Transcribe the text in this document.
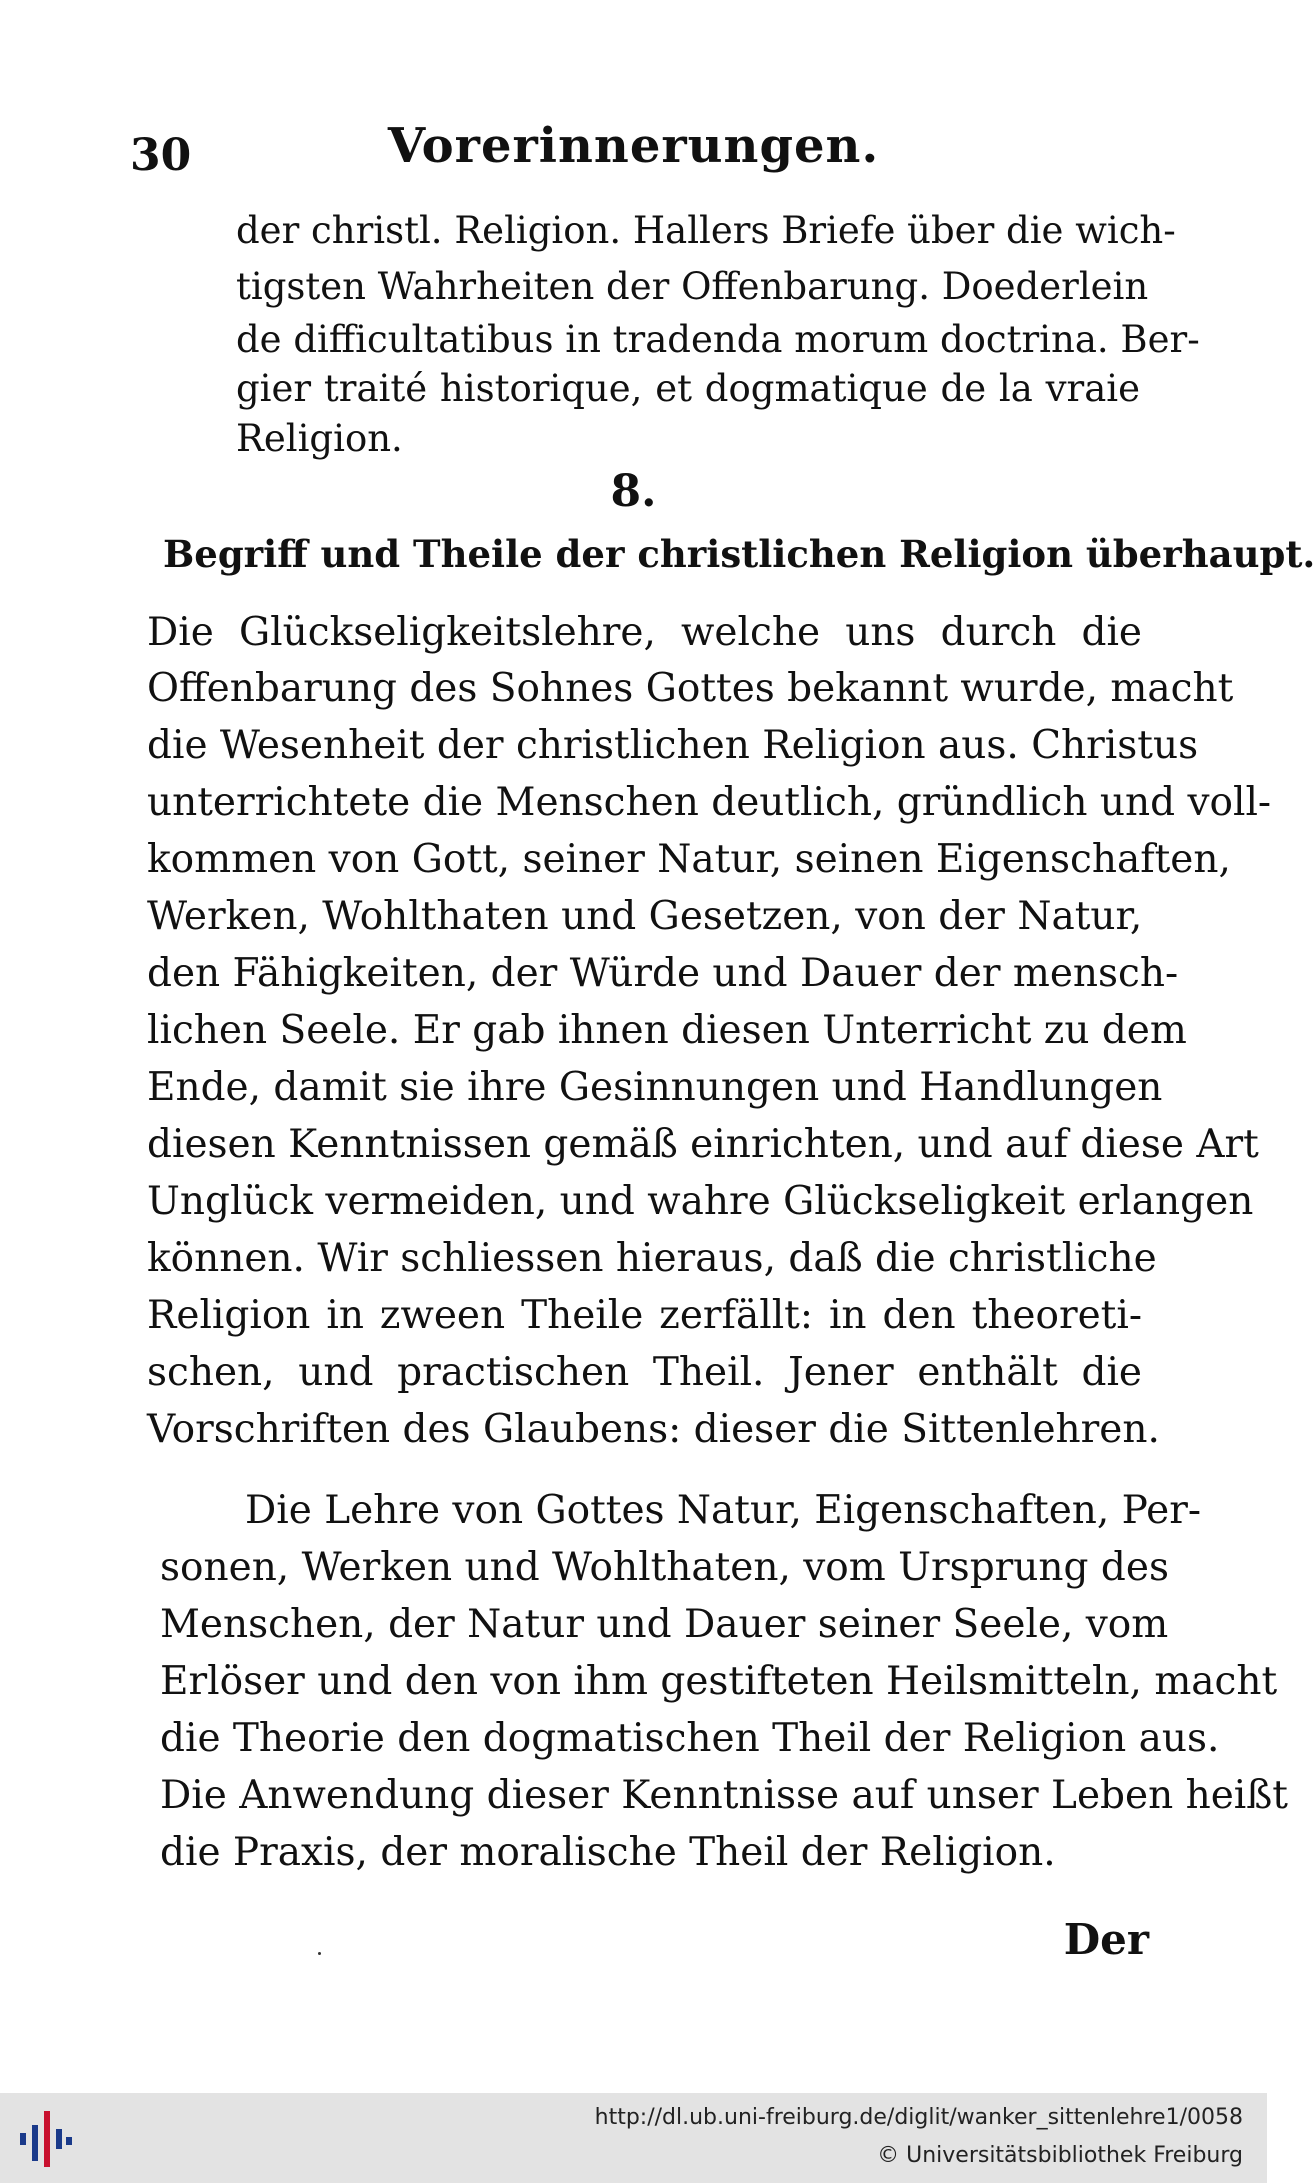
30	Vorerinnerungen.
der christl. Religion. Hallers Briefe über die wich-
tigsten Wahrheiten der Offenbarung. Doederlein
de difficultatibus in tradenda morum doctrina. Ber-
gier traité historique, et dogmatique de la vraie
Religion.
8.
Begriff und Theile der christlichen Religion überhaupt.
Die Glückseligkeitslehre, welche uns durch die
Offenbarung des Sohnes Gottes bekannt wurde, macht
die Wesenheit der christlichen Religion aus. Christus
unterrichtete die Menschen deutlich, gründlich und voll-
kommen von Gott, seiner Natur, seinen Eigenschaften,
Werken, Wohlthaten und Gesetzen, von der Natur,
den Fähigkeiten, der Würde und Dauer der mensch-
lichen Seele. Er gab ihnen diesen Unterricht zu dem
Ende, damit sie ihre Gesinnungen und Handlungen
diesen Kenntnissen gemäß einrichten, und auf diese Art
Unglück vermeiden, und wahre Glückseligkeit erlangen
können. Wir schliessen hieraus, daß die christliche
Religion in zween Theile zerfällt: in den theoreti-
schen, und practischen Theil. Jener enthält die
Vorschriften des Glaubens: dieser die Sittenlehren.
Die Lehre von Gottes Natur, Eigenschaften, Per-
sonen, Werken und Wohlthaten, vom Ursprung des
Menschen, der Natur und Dauer seiner Seele, vom
Erlöser und den von ihm gestifteten Heilsmitteln, macht
die Theorie den dogmatischen Theil der Religion aus.
Die Anwendung dieser Kenntnisse auf unser Leben heißt
die Praxis, der moralische Theil der Religion.
Der
http://dl.ub.uni-freiburg.de/diglit/wanker_sittenlehre1/0058
© Universitätsbibliothek Freiburg
